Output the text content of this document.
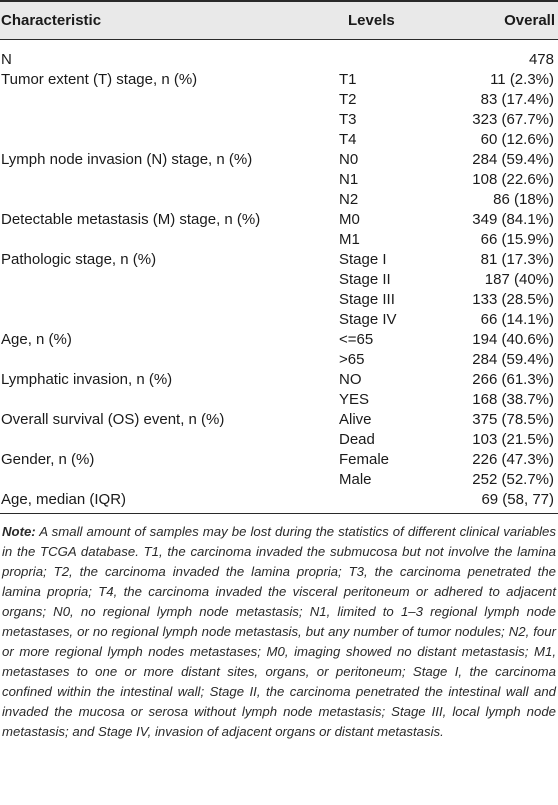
Characteristic	Levels	Overall
N		478
Tumor extent (T) stage, n (%)	T1	11 (2.3%)
	T2	83 (17.4%)
	T3	323 (67.7%)
	T4	60 (12.6%)
Lymph node invasion (N) stage, n (%)	N0	284 (59.4%)
	N1	108 (22.6%)
	N2	86 (18%)
Detectable metastasis (M) stage, n (%)	M0	349 (84.1%)
	M1	66 (15.9%)
Pathologic stage, n (%)	Stage I	81 (17.3%)
	Stage II	187 (40%)
	Stage III	133 (28.5%)
	Stage IV	66 (14.1%)
Age, n (%)	<=65	194 (40.6%)
	>65	284 (59.4%)
Lymphatic invasion, n (%)	NO	266 (61.3%)
	YES	168 (38.7%)
Overall survival (OS) event, n (%)	Alive	375 (78.5%)
	Dead	103 (21.5%)
Gender, n (%)	Female	226 (47.3%)
	Male	252 (52.7%)
Age, median (IQR)		69 (58, 77)
Note: A small amount of samples may be lost during the statistics of different clinical variables in the TCGA database. T1, the carcinoma invaded the submucosa but not involve the lamina propria; T2, the carcinoma invaded the lamina propria; T3, the carcinoma penetrated the lamina propria; T4, the carcinoma invaded the visceral peritoneum or adhered to adjacent organs; N0, no regional lymph node metastasis; N1, limited to 1–3 regional lymph node metastases, or no regional lymph node metastasis, but any number of tumor nodules; N2, four or more regional lymph nodes metastases; M0, imaging showed no distant metastasis; M1, metastases to one or more distant sites, organs, or peritoneum; Stage I, the carcinoma confined within the intestinal wall; Stage II, the carcinoma penetrated the intestinal wall and invaded the mucosa or serosa without lymph node metastasis; Stage III, local lymph node metastasis; and Stage IV, invasion of adjacent organs or distant metastasis.
